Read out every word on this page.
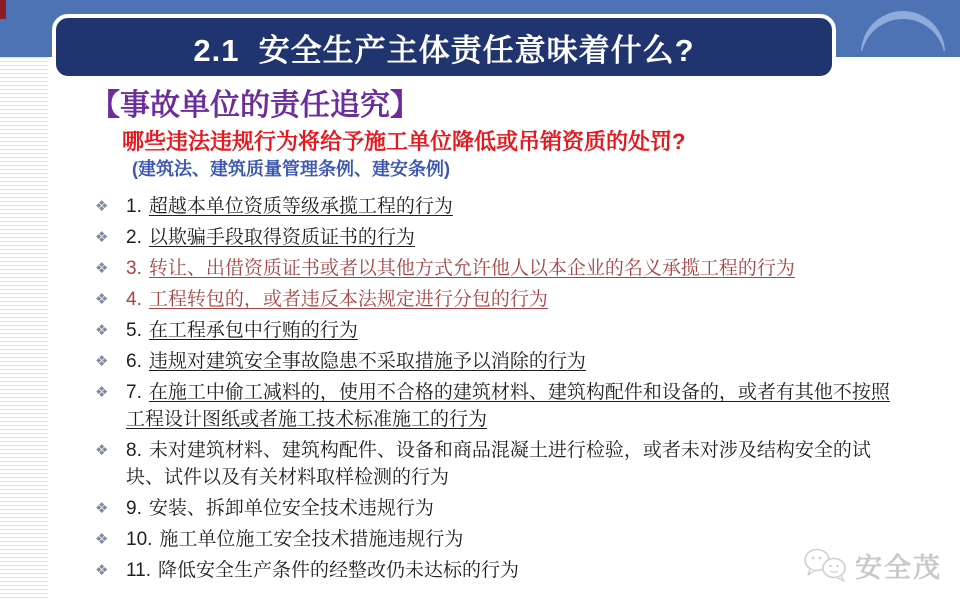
2.1  安全生产主体责任意味着什么?
【事故单位的责任追究】
哪些违法违规行为将给予施工单位降低或吊销资质的处罚?
(建筑法、建筑质量管理条例、建安条例)
❖ 1. 超越本单位资质等级承揽工程的行为
❖ 2. 以欺骗手段取得资质证书的行为
❖ 3. 转让、出借资质证书或者以其他方式允许他人以本企业的名义承揽工程的行为
❖ 4. 工程转包的，或者违反本法规定进行分包的行为
❖ 5. 在工程承包中行贿的行为
❖ 6. 违规对建筑安全事故隐患不采取措施予以消除的行为
❖ 7. 在施工中偷工减料的，使用不合格的建筑材料、建筑构配件和设备的，或者有其他不按照工程设计图纸或者施工技术标准施工的行为
❖ 8. 未对建筑材料、建筑构配件、设备和商品混凝土进行检验，或者未对涉及结构安全的试块、试件以及有关材料取样检测的行为
❖ 9. 安装、拆卸单位安全技术违规行为
❖ 10. 施工单位施工安全技术措施违规行为
❖ 11. 降低安全生产条件的经整改仍未达标的行为	安全茂
